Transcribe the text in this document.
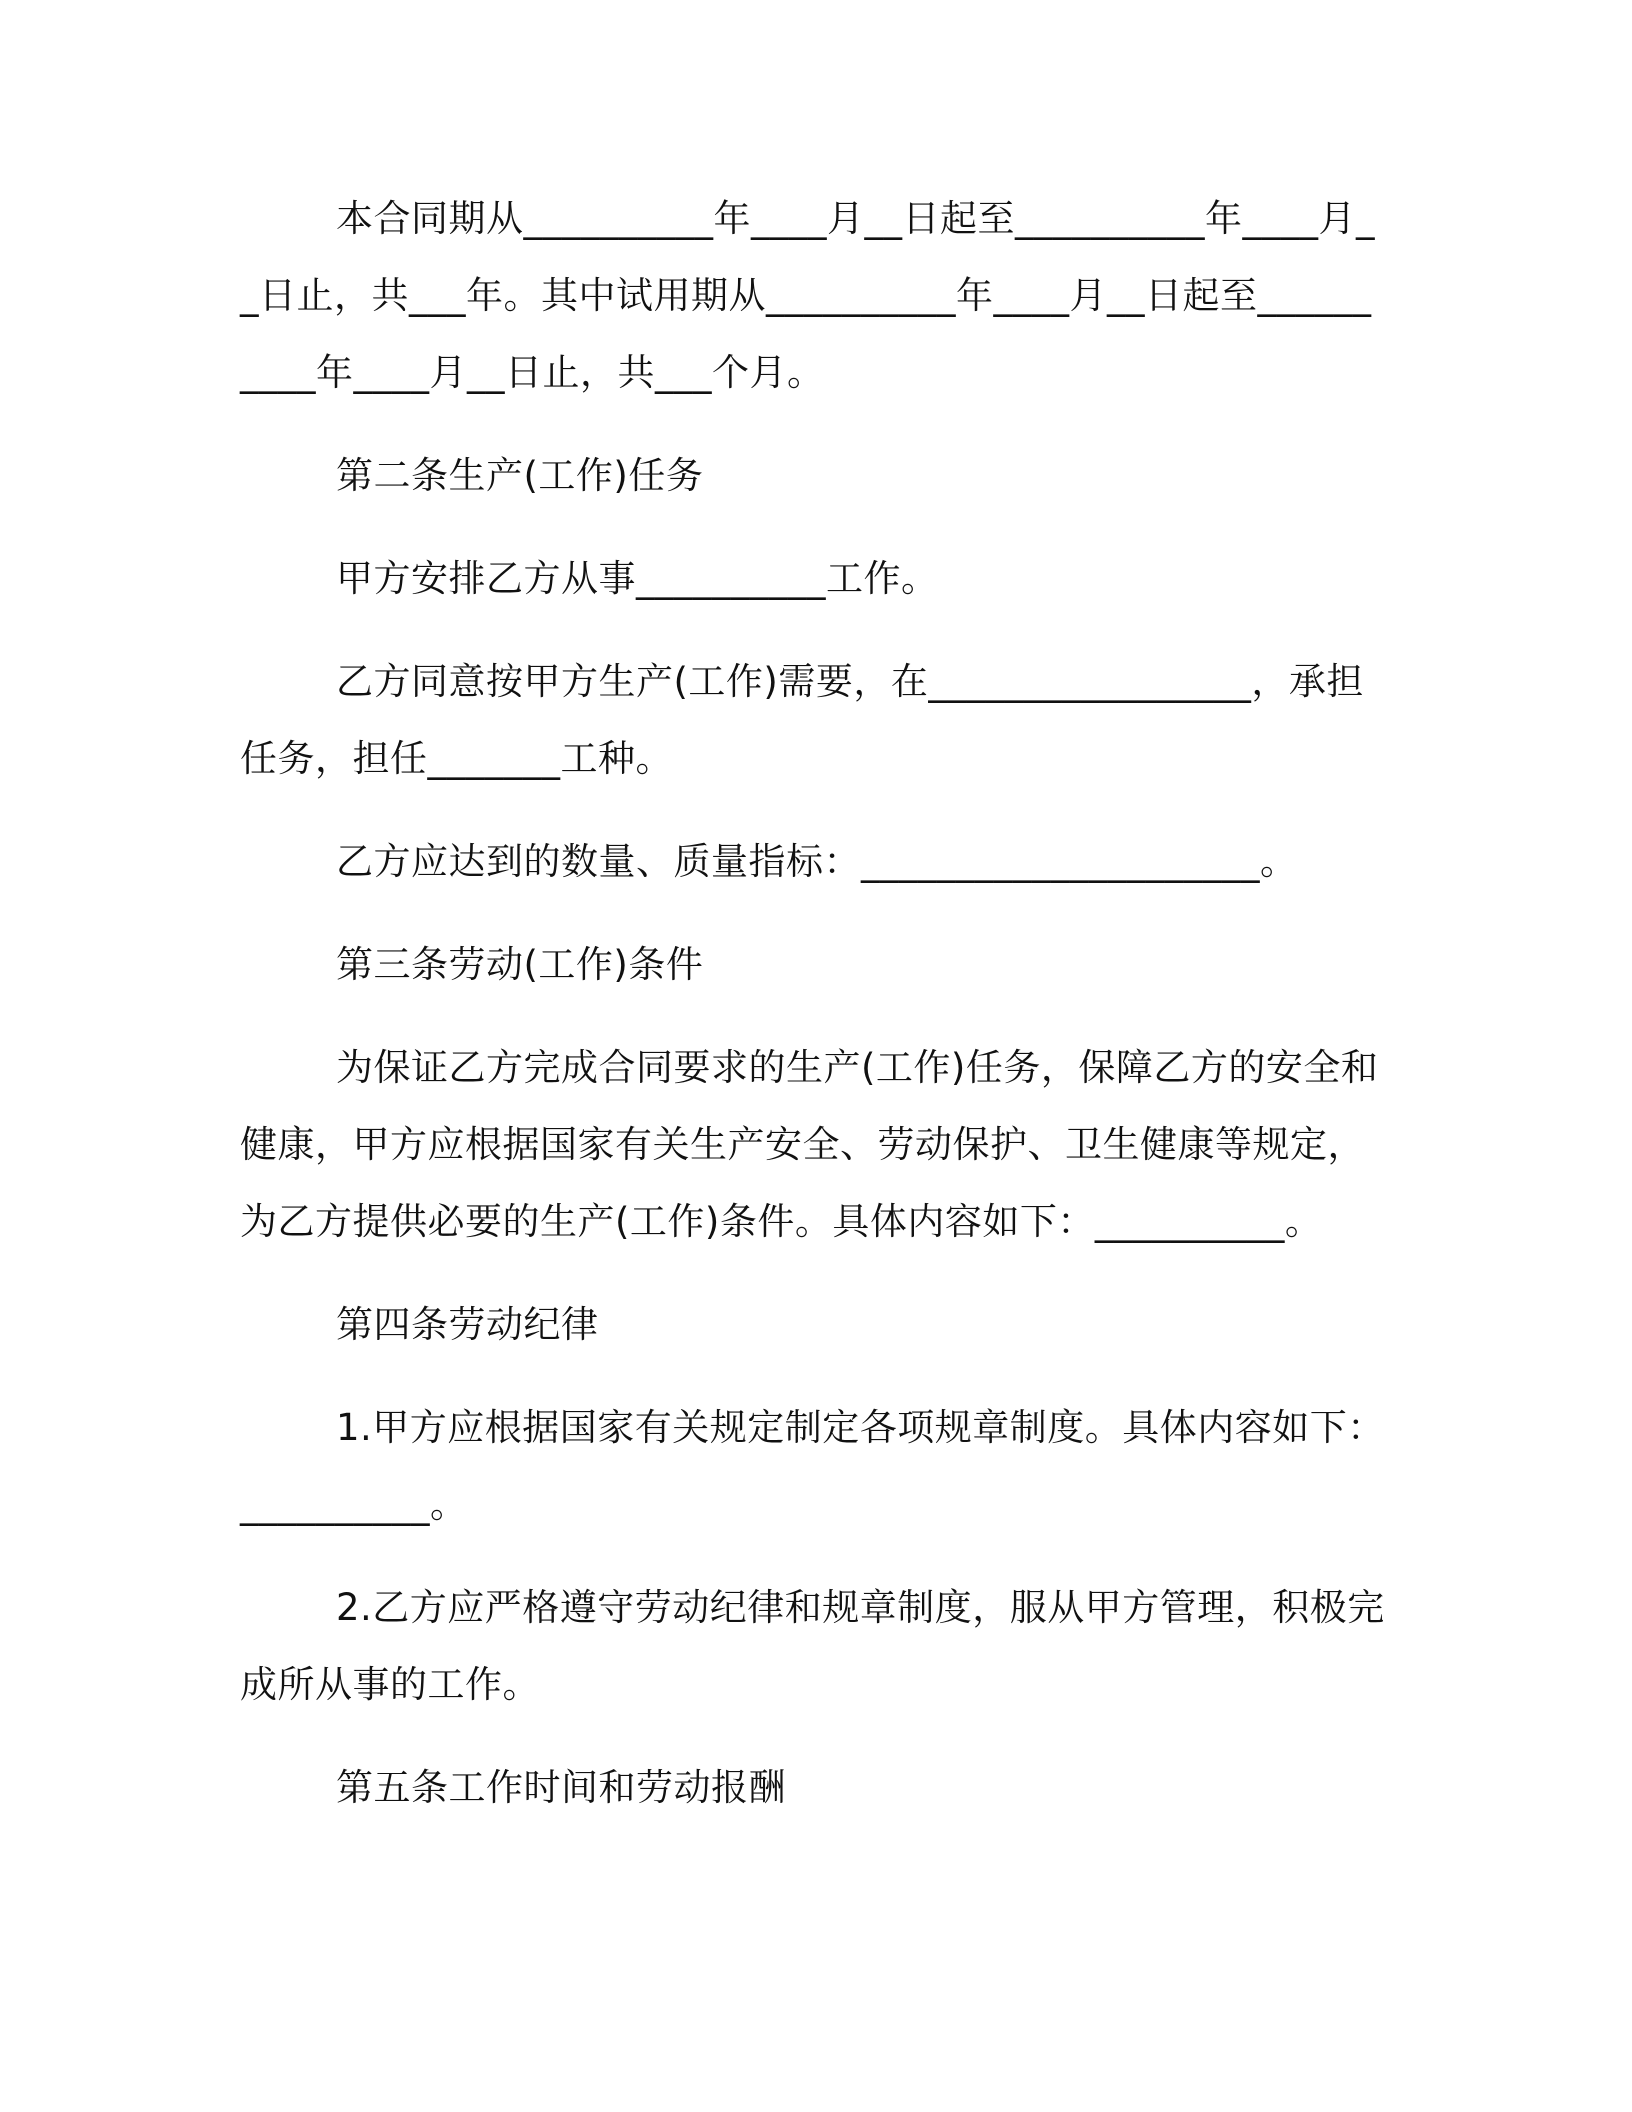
本合同期从__________年____月__日起至__________年____月__日止，共___年。其中试用期从__________年____月__日起至__________年____月__日止，共___个月。

第二条生产(工作)任务

甲方安排乙方从事__________工作。

乙方同意按甲方生产(工作)需要，在_________________，承担任务，担任_______工种。

乙方应达到的数量、质量指标：_____________________。

第三条劳动(工作)条件

为保证乙方完成合同要求的生产(工作)任务，保障乙方的安全和健康，甲方应根据国家有关生产安全、劳动保护、卫生健康等规定，为乙方提供必要的生产(工作)条件。具体内容如下：__________。

第四条劳动纪律

1.甲方应根据国家有关规定制定各项规章制度。具体内容如下：__________。

2.乙方应严格遵守劳动纪律和规章制度，服从甲方管理，积极完成所从事的工作。

第五条工作时间和劳动报酬
